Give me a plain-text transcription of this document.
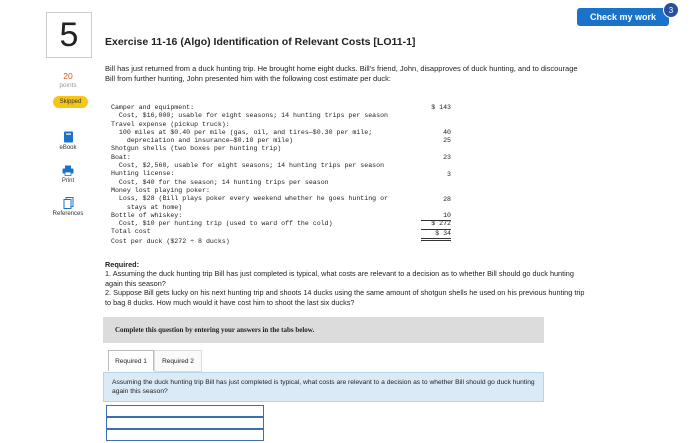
Check my work
3
5	Exercise 11-16 (Algo) Identification of Relevant Costs [LO11-1]
20
points
Skipped
eBook
Print
References
Bill has just returned from a duck hunting trip. He brought home eight ducks. Bill's friend, John, disapproves of duck hunting, and to discourage Bill from further hunting, John presented him with the following cost estimate per duck:
Camper and equipment:
Cost, $16,000; usable for eight seasons; 14 hunting trips per season
$ 143
Travel expense (pickup truck):
100 miles at $0.40 per mile (gas, oil, and tires—$0.30 per mile;
depreciation and insurance—$0.10 per mile)
40
Shotgun shells (two boxes per hunting trip)
25
Boat:
Cost, $2,560, usable for eight seasons; 14 hunting trips per season
23
Hunting license:
Cost, $40 for the season; 14 hunting trips per season
3
Money lost playing poker:
Loss, $28 (Bill plays poker every weekend whether he goes hunting or
stays at home)
28
Bottle of whiskey:
Cost, $10 per hunting trip (used to ward off the cold)
10
Total cost
$ 272
Cost per duck ($272 ÷ 8 ducks)
$ 34
Required:
1. Assuming the duck hunting trip Bill has just completed is typical, what costs are relevant to a decision as to whether Bill should go duck hunting again this season?
2. Suppose Bill gets lucky on his next hunting trip and shoots 14 ducks using the same amount of shotgun shells he used on his previous hunting trip to bag 8 ducks. How much would it have cost him to shoot the last six ducks?
Complete this question by entering your answers in the tabs below.
Required 1	Required 2
Assuming the duck hunting trip Bill has just completed is typical, what costs are relevant to a decision as to whether Bill should go duck hunting again this season?
